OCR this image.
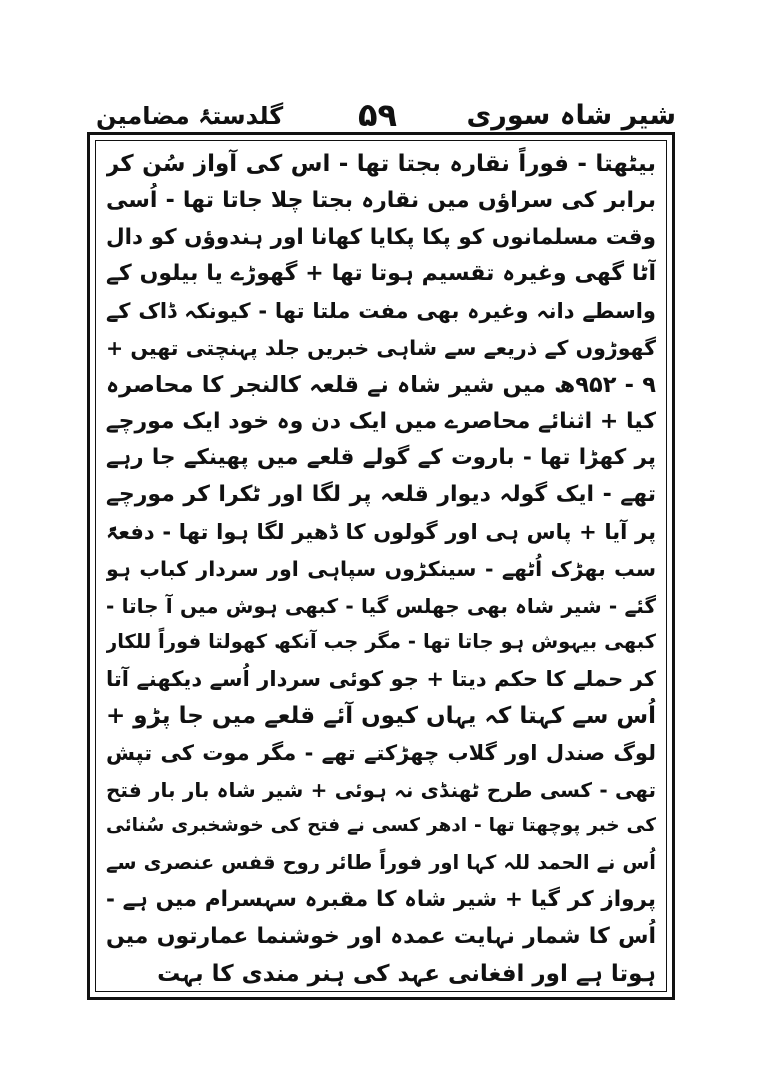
شیر شاہ سوری
۵۹
گلدستۂ مضامین
بیٹھتا - فوراً نقارہ بجتا تھا - اس کی آواز سُن کر
برابر کی سراؤں میں نقارہ بجتا چلا جاتا تھا - اُسی
وقت مسلمانوں کو پکا پکایا کھانا اور ہندوؤں کو دال
آٹا گھی وغیرہ تقسیم ہوتا تھا + گھوڑے یا بیلوں کے
واسطے دانہ وغیرہ بھی مفت ملتا تھا - کیونکہ ڈاک کے
گھوڑوں کے ذریعے سے شاہی خبریں جلد پہنچتی تھیں +
۹ - ۹۵۲ھ میں شیر شاہ نے قلعہ کالنجر کا محاصرہ
کیا + اثنائے محاصرے میں ایک دن وہ خود ایک مورچے
پر کھڑا تھا - باروت کے گولے قلعے میں پھینکے جا رہے
تھے - ایک گولہ دیوار قلعہ پر لگا اور ٹکرا کر مورچے
پر آیا + پاس ہی اور گولوں کا ڈھیر لگا ہوا تھا - دفعۃً
سب بھڑک اُٹھے - سینکڑوں سپاہی اور سردار کباب ہو
گئے - شیر شاہ بھی جھلس گیا - کبھی ہوش میں آ جاتا -
کبھی بیہوش ہو جاتا تھا - مگر جب آنکھ کھولتا فوراً للکار
کر حملے کا حکم دیتا + جو کوئی سردار اُسے دیکھنے آتا
اُس سے کہتا کہ یہاں کیوں آئے قلعے میں جا پڑو +
لوگ صندل اور گلاب چھڑکتے تھے - مگر موت کی تپش
تھی - کسی طرح ٹھنڈی نہ ہوئی + شیر شاہ بار بار فتح
کی خبر پوچھتا تھا - ادھر کسی نے فتح کی خوشخبری سُنائی
اُس نے الحمد للہ کہا اور فوراً طائر روح قفس عنصری سے
پرواز کر گیا + شیر شاہ کا مقبرہ سہسرام میں ہے -
اُس کا شمار نہایت عمدہ اور خوشنما عمارتوں میں
ہوتا ہے اور افغانی عہد کی ہنر مندی کا بہت
